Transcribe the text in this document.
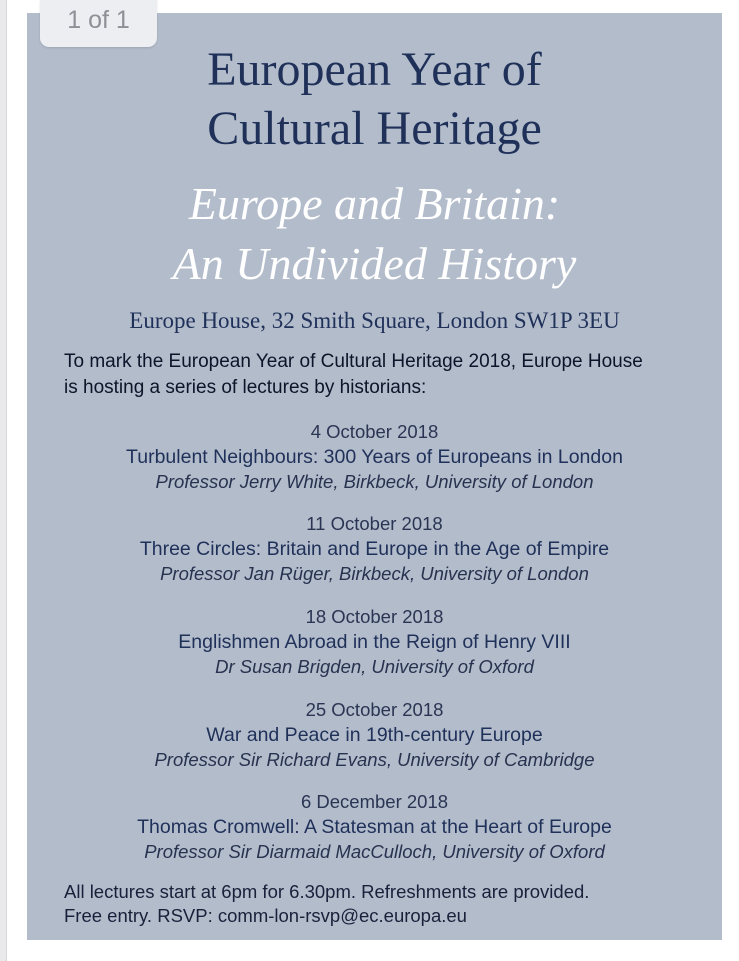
1 of 1
European Year of
Cultural Heritage
Europe and Britain:
An Undivided History
Europe House, 32 Smith Square, London SW1P 3EU
To mark the European Year of Cultural Heritage 2018, Europe House
is hosting a series of lectures by historians:
4 October 2018
Turbulent Neighbours: 300 Years of Europeans in London
Professor Jerry White, Birkbeck, University of London
11 October 2018
Three Circles: Britain and Europe in the Age of Empire
Professor Jan Rüger, Birkbeck, University of London
18 October 2018
Englishmen Abroad in the Reign of Henry VIII
Dr Susan Brigden, University of Oxford
25 October 2018
War and Peace in 19th-century Europe
Professor Sir Richard Evans, University of Cambridge
6 December 2018
Thomas Cromwell: A Statesman at the Heart of Europe
Professor Sir Diarmaid MacCulloch, University of Oxford
All lectures start at 6pm for 6.30pm. Refreshments are provided.
Free entry. RSVP: comm-lon-rsvp@ec.europa.eu
